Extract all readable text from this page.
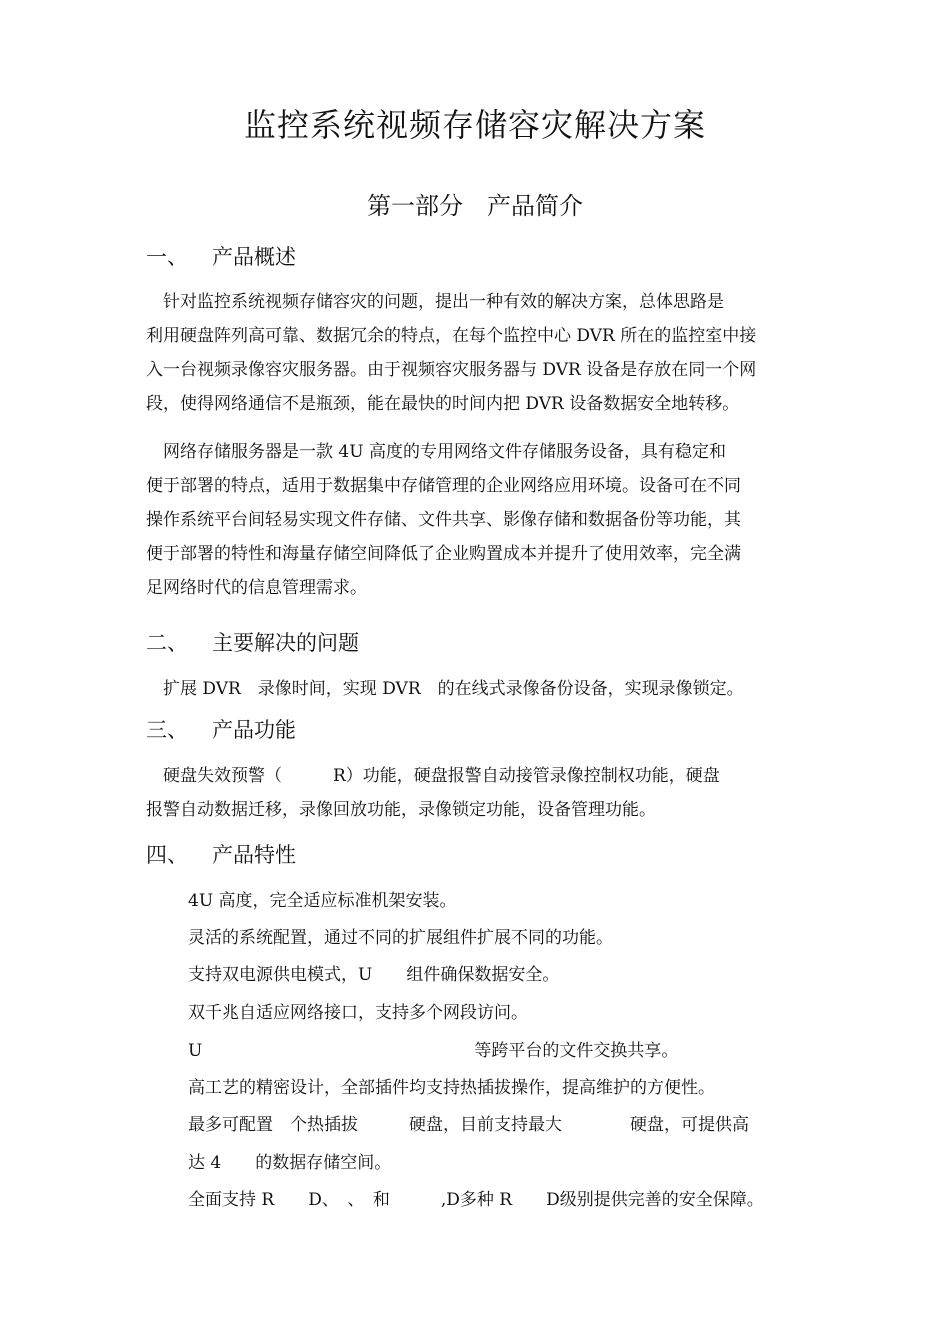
监控系统视频存储容灾解决方案
第一部分　产品简介
一、 产品概述
　针对监控系统视频存储容灾的问题，提出一种有效的解决方案，总体思路是
利用硬盘阵列高可靠、数据冗余的特点，在每个监控中心 DVR 所在的监控室中接
入一台视频录像容灾服务器。由于视频容灾服务器与 DVR 设备是存放在同一个网
段，使得网络通信不是瓶颈，能在最快的时间内把 DVR 设备数据安全地转移。
　网络存储服务器是一款 4U 高度的专用网络文件存储服务设备，具有稳定和
便于部署的特点，适用于数据集中存储管理的企业网络应用环境。设备可在不同
操作系统平台间轻易实现文件存储、文件共享、影像存储和数据备份等功能，其
便于部署的特性和海量存储空间降低了企业购置成本并提升了使用效率，完全满
足网络时代的信息管理需求。
二、 主要解决的问题
　扩展 DVR　录像时间，实现 DVR　的在线式录像备份设备，实现录像锁定。
三、 产品功能
　硬盘失效预警（　　　R）功能，硬盘报警自动接管录像控制权功能，硬盘
报警自动数据迁移，录像回放功能，录像锁定功能，设备管理功能。
四、 产品特性
4U 高度，完全适应标准机架安装。
灵活的系统配置，通过不同的扩展组件扩展不同的功能。
支持双电源供电模式，U　　组件确保数据安全。
双千兆自适应网络接口，支持多个网段访问。
U　　　　　　　　　　　　　　　　等跨平台的文件交换共享。
高工艺的精密设计，全部插件均支持热插拔操作，提高维护的方便性。
最多可配置　个热插拔　　　硬盘，目前支持最大　　　　硬盘，可提供高
达 4　　的数据存储空间。
全面支持 R　　D、　、　和　　　,D多种 R　　D级别提供完善的安全保障。
